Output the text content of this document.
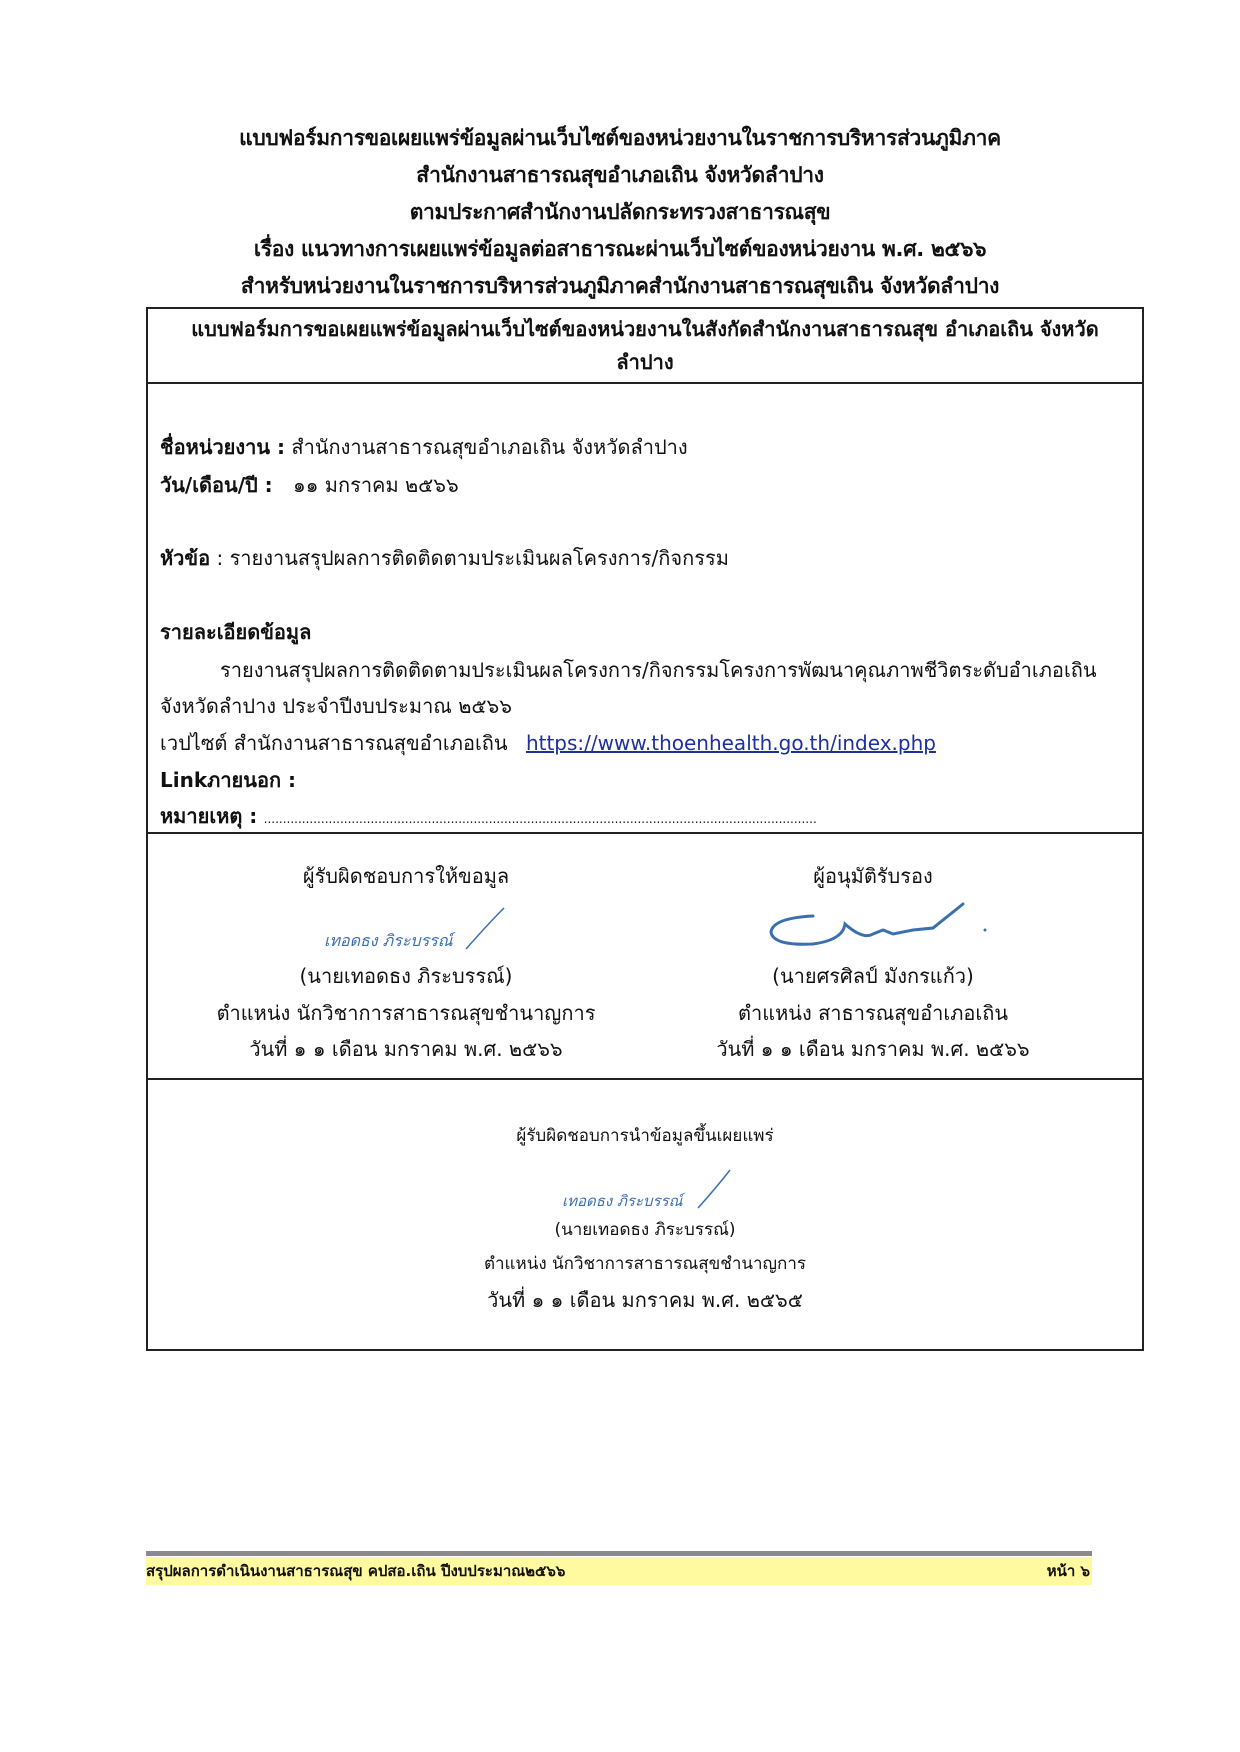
แบบฟอร์มการขอเผยแพร่ข้อมูลผ่านเว็บไซต์ของหน่วยงานในราชการบริหารส่วนภูมิภาค
สำนักงานสาธารณสุขอำเภอเถิน จังหวัดลำปาง
ตามประกาศสำนักงานปลัดกระทรวงสาธารณสุข
เรื่อง แนวทางการเผยแพร่ข้อมูลต่อสาธารณะผ่านเว็บไซต์ของหน่วยงาน พ.ศ. ๒๕๖๖
สำหรับหน่วยงานในราชการบริหารส่วนภูมิภาคสำนักงานสาธารณสุขเถิน จังหวัดลำปาง
แบบฟอร์มการขอเผยแพร่ข้อมูลผ่านเว็บไซต์ของหน่วยงานในสังกัดสำนักงานสาธารณสุข อำเภอเถิน จังหวัด
ลำปาง
ชื่อหน่วยงาน : สำนักงานสาธารณสุขอำเภอเถิน จังหวัดลำปาง
วัน/เดือน/ปี : ๑๑ มกราคม ๒๕๖๖
หัวข้อ : รายงานสรุปผลการติดติดตามประเมินผลโครงการ/กิจกรรม
รายละเอียดข้อมูล
รายงานสรุปผลการติดติดตามประเมินผลโครงการ/กิจกรรมโครงการพัฒนาคุณภาพชีวิตระดับอำเภอเถิน
จังหวัดลำปาง ประจำปีงบประมาณ ๒๕๖๖
เวปไซต์ สำนักงานสาธารณสุขอำเภอเถิน https://www.thoenhealth.go.th/index.php
Linkภายนอก :
หมายเหตุ : .................................................................................................................................................
ผู้รับผิดชอบการให้ขอมูล
เทอดธง ภิระบรรณ์
(นายเทอดธง ภิระบรรณ์)
ตำแหน่ง นักวิชาการสาธารณสุขชำนาญการ
วันที่ ๑ ๑ เดือน มกราคม พ.ศ. ๒๕๖๖
ผู้อนุมัติรับรอง
(นายศรศิลป์ มังกรแก้ว)
ตำแหน่ง สาธารณสุขอำเภอเถิน
วันที่ ๑ ๑ เดือน มกราคม พ.ศ. ๒๕๖๖
ผู้รับผิดชอบการนำข้อมูลขึ้นเผยแพร่
เทอดธง ภิระบรรณ์
(นายเทอดธง ภิระบรรณ์)
ตำแหน่ง นักวิชาการสาธารณสุขชำนาญการ
วันที่ ๑ ๑ เดือน มกราคม พ.ศ. ๒๕๖๕
สรุปผลการดำเนินงานสาธารณสุข คปสอ.เถิน ปีงบประมาณ๒๕๖๖	หน้า ๖
